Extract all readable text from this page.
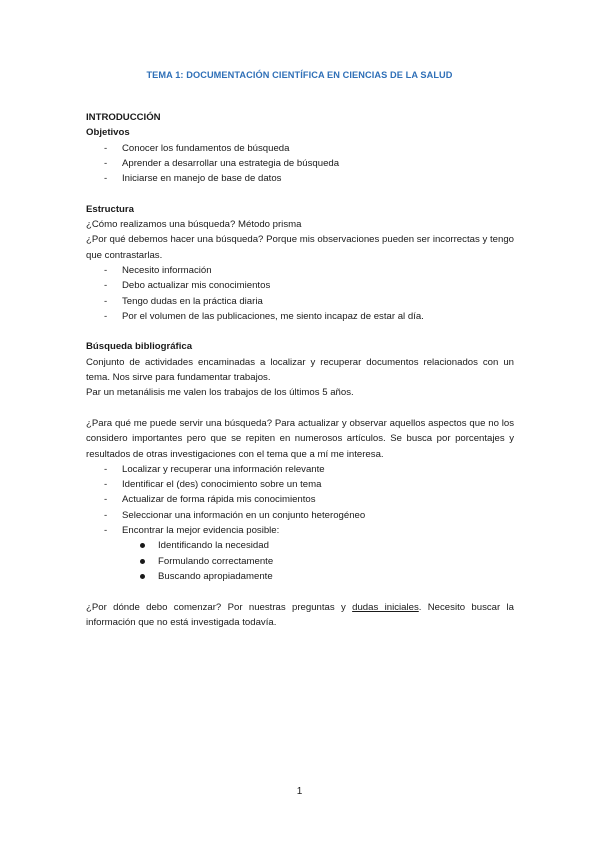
TEMA 1: DOCUMENTACIÓN CIENTÍFICA EN CIENCIAS DE LA SALUD

INTRODUCCIÓN

Objetivos

- Conocer los fundamentos de búsqueda
- Aprender a desarrollar una estrategia de búsqueda
- Iniciarse en manejo de base de datos

Estructura

¿Cómo realizamos una búsqueda? Método prisma

¿Por qué debemos hacer una búsqueda? Porque mis observaciones pueden ser incorrectas y tengo que contrastarlas.

- Necesito información
- Debo actualizar mis conocimientos
- Tengo dudas en la práctica diaria
- Por el volumen de las publicaciones, me siento incapaz de estar al día.

Búsqueda bibliográfica

Conjunto de actividades encaminadas a localizar y recuperar documentos relacionados con un tema. Nos sirve para fundamentar trabajos.

Par un metanálisis me valen los trabajos de los últimos 5 años.

¿Para qué me puede servir una búsqueda? Para actualizar y observar aquellos aspectos que no los considero importantes pero que se repiten en numerosos artículos. Se busca por porcentajes y resultados de otras investigaciones con el tema que a mí me interesa.

- Localizar y recuperar una información relevante
- Identificar el (des) conocimiento sobre un tema
- Actualizar de forma rápida mis conocimientos
- Seleccionar una información en un conjunto heterogéneo
- Encontrar la mejor evidencia posible:
Identificando la necesidad
Formulando correctamente
Buscando apropiadamente

¿Por dónde debo comenzar? Por nuestras preguntas y dudas iniciales. Necesito buscar la información que no está investigada todavía.

1
